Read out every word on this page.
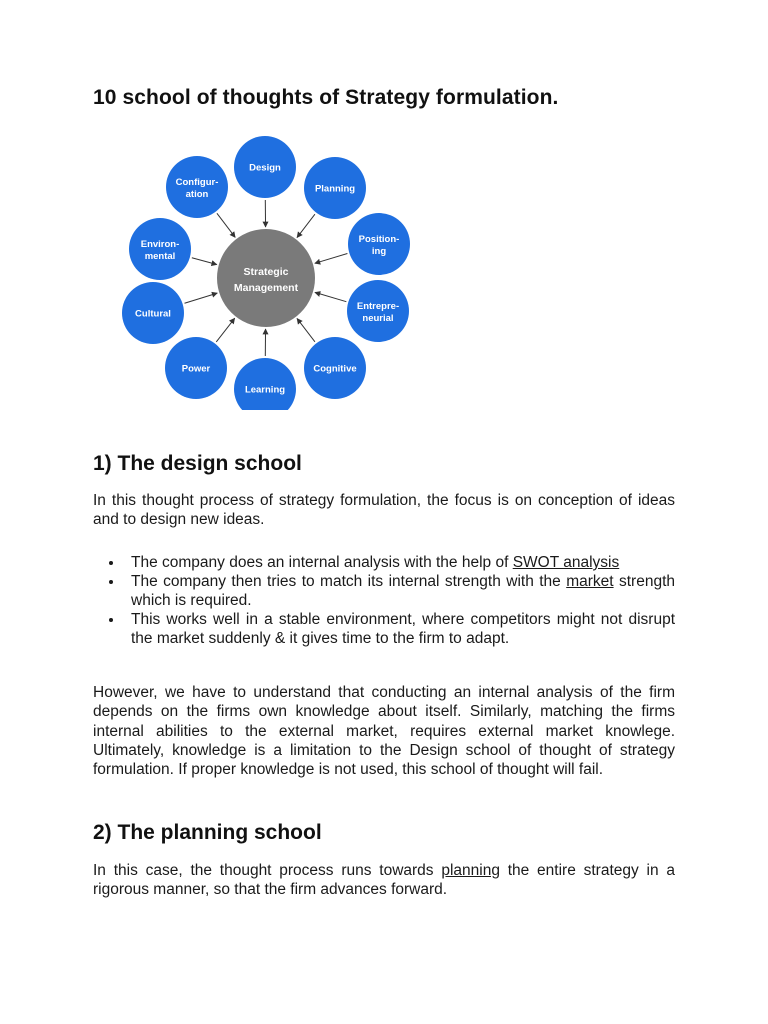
10 school of thoughts of Strategy formulation.
Design
Planning
Position-
ing
Entrepre-
neurial
Cognitive
Learning
Power
Cultural
Environ-
mental
Configur-
ation
Strategic
Management
1) The design school

In this thought process of strategy formulation, the focus is on conception of ideas and to design new ideas.

The company does an internal analysis with the help of SWOT analysis
The company then tries to match its internal strength with the market strength which is required.
This works well in a stable environment, where competitors might not disrupt the market suddenly & it gives time to the firm to adapt.

However, we have to understand that conducting an internal analysis of the firm depends on the firms own knowledge about itself. Similarly, matching the firms internal abilities to the external market, requires external market knowlege. Ultimately, knowledge is a limitation to the Design school of thought of strategy formulation. If proper knowledge is not used, this school of thought will fail.

2) The planning school

In this case, the thought process runs towards planning the entire strategy in a rigorous manner, so that the firm advances forward.
